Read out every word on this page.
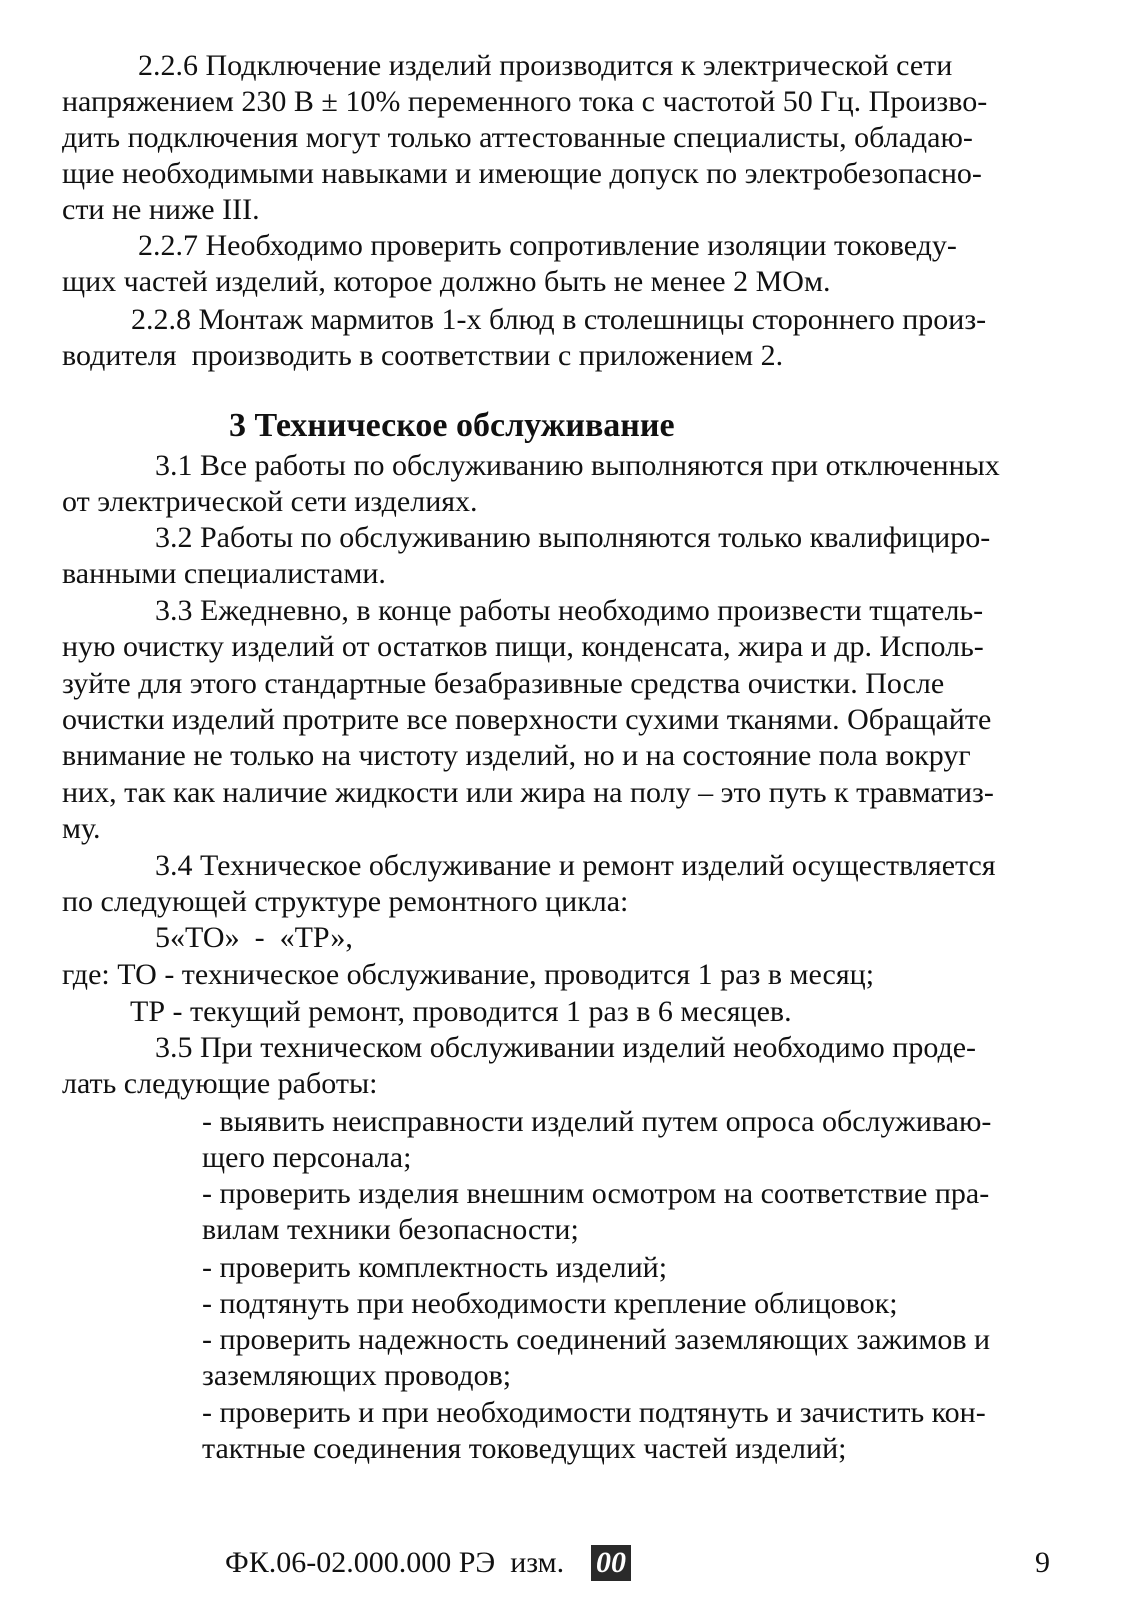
2.2.6 Подключение изделий производится к электрической сети
напряжением 230 В ± 10% переменного тока с частотой 50 Гц. Произво-
дить подключения могут только аттестованные специалисты, обладаю-
щие необходимыми навыками и имеющие допуск по электробезопасно-
сти не ниже III.
2.2.7 Необходимо проверить сопротивление изоляции токоведу-
щих частей изделий, которое должно быть не менее 2 МОм.
2.2.8 Монтаж мармитов 1-х блюд в столешницы стороннего произ-
водителя  производить в соответствии с приложением 2.
3 Техническое обслуживание
3.1 Все работы по обслуживанию выполняются при отключенных
от электрической сети изделиях.
3.2 Работы по обслуживанию выполняются только квалифициро-
ванными специалистами.
3.3 Ежедневно, в конце работы необходимо произвести тщатель-
ную очистку изделий от остатков пищи, конденсата, жира и др. Исполь-
зуйте для этого стандартные безабразивные средства очистки. После
очистки изделий протрите все поверхности сухими тканями. Обращайте
внимание не только на чистоту изделий, но и на состояние пола вокруг
них, так как наличие жидкости или жира на полу – это путь к травматиз-
му.
3.4 Техническое обслуживание и ремонт изделий осуществляется
по следующей структуре ремонтного цикла:
5«ТО»  -  «ТР»,
где: ТО - техническое обслуживание, проводится 1 раз в месяц;
ТР - текущий ремонт, проводится 1 раз в 6 месяцев.
3.5 При техническом обслуживании изделий необходимо проде-
лать следующие работы:
- выявить неисправности изделий путем опроса обслуживаю-
щего персонала;
- проверить изделия внешним осмотром на соответствие пра-
вилам техники безопасности;
- проверить комплектность изделий;
- подтянуть при необходимости крепление облицовок;
- проверить надежность соединений заземляющих зажимов и
заземляющих проводов;
- проверить и при необходимости подтянуть и зачистить кон-
тактные соединения токоведущих частей изделий;
ФК.06-02.000.000 РЭ  изм. 00	9
